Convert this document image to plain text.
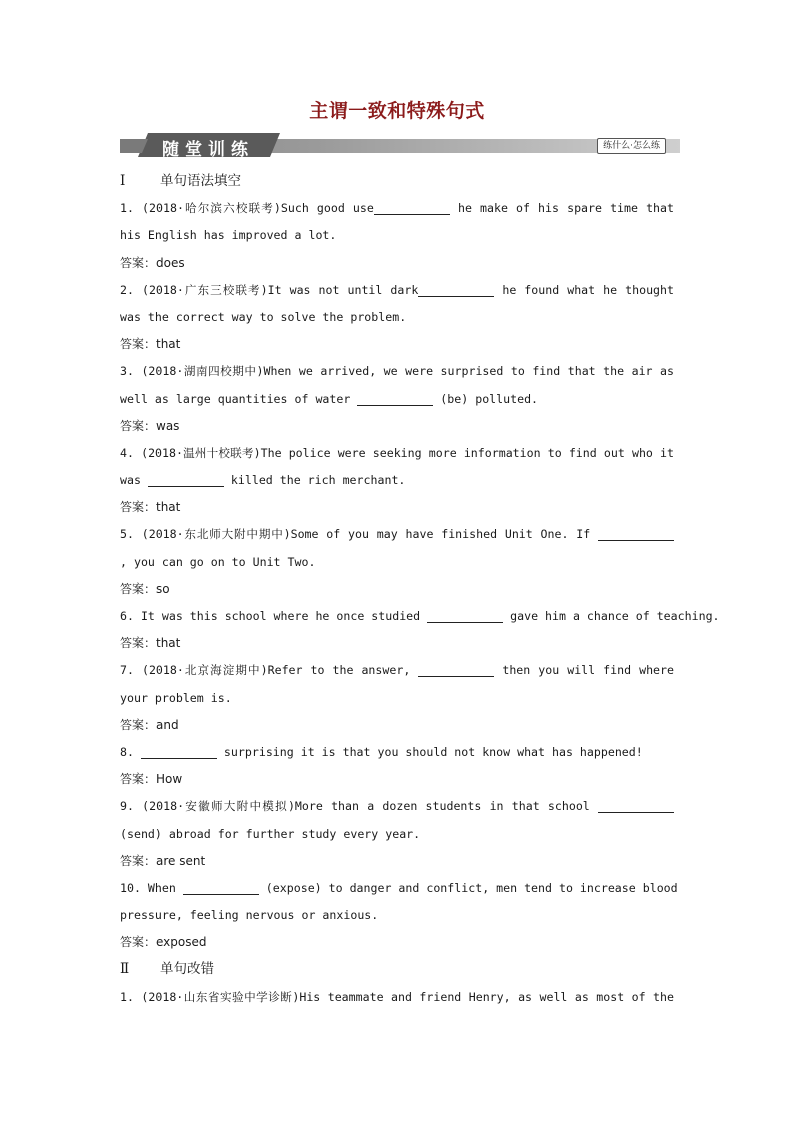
主谓一致和特殊句式
随堂训练	练什么·怎么练
Ⅰ	单句语法填空
1. (2018·哈尔滨六校联考)Such good use	he make of his spare time that
his English has improved a lot.
答案：does
2. (2018·广东三校联考)It was not until dark	he found what he thought
was the correct way to solve the problem.
答案：that
3. (2018·湖南四校期中)When we arrived, we were surprised to find that the air as
well as large quantities of water	(be) polluted.
答案：was
4. (2018·温州十校联考)The police were seeking more information to find out who it
was	killed the rich merchant.
答案：that
5. (2018·东北师大附中期中)Some of you may have finished Unit One. If
, you can go on to Unit Two.
答案：so
6. It was this school where he once studied	gave him a chance of teaching.
答案：that
7. (2018·北京海淀期中)Refer to the answer,	then you will find where
your problem is.
答案：and
8.	surprising it is that you should not know what has happened!
答案：How
9. (2018·安徽师大附中模拟)More than a dozen students in that school
(send) abroad for further study every year.
答案：are sent
10. When	(expose) to danger and conflict, men tend to increase blood
pressure, feeling nervous or anxious.
答案：exposed
Ⅱ 单句改错
1. (2018·山东省实验中学诊断)His teammate and friend Henry, as well as most of the
